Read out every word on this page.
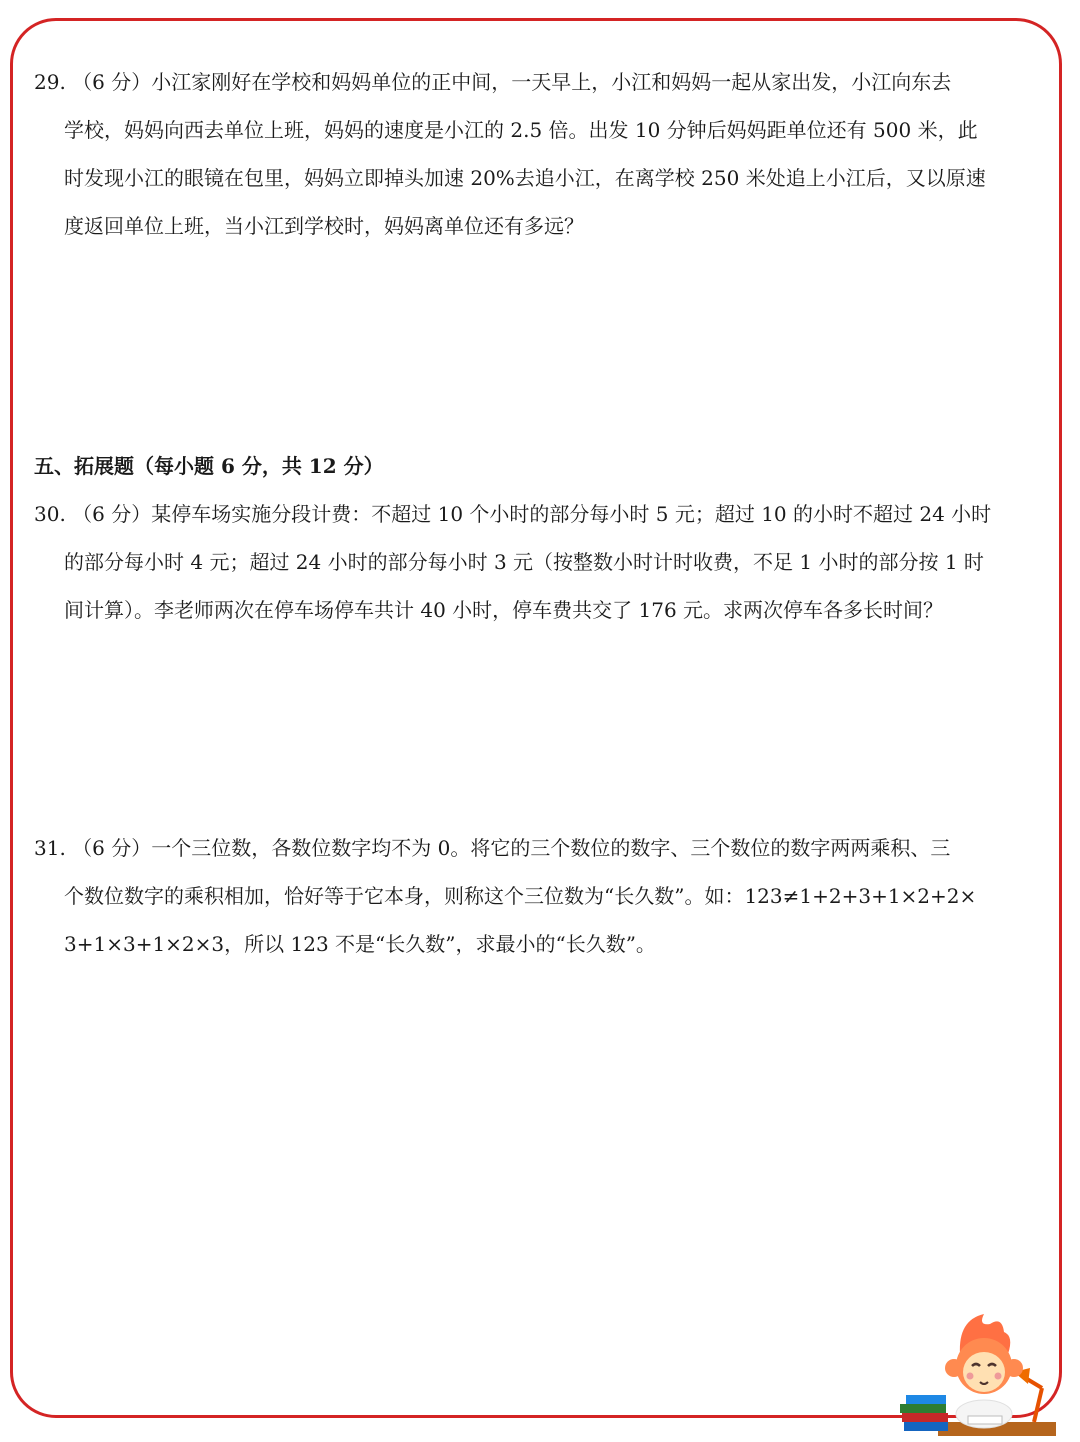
29. （6 分）小江家刚好在学校和妈妈单位的正中间，一天早上，小江和妈妈一起从家出发，小江向东去
学校，妈妈向西去单位上班，妈妈的速度是小江的 2.5 倍。出发 10 分钟后妈妈距单位还有 500 米，此
时发现小江的眼镜在包里，妈妈立即掉头加速 20%去追小江，在离学校 250 米处追上小江后，又以原速
度返回单位上班，当小江到学校时，妈妈离单位还有多远？
五、拓展题（每小题 6 分，共 12 分）
30. （6 分）某停车场实施分段计费：不超过 10 个小时的部分每小时 5 元；超过 10 的小时不超过 24 小时
的部分每小时 4 元；超过 24 小时的部分每小时 3 元（按整数小时计时收费，不足 1 小时的部分按 1 时
间计算）。李老师两次在停车场停车共计 40 小时，停车费共交了 176 元。求两次停车各多长时间？
31. （6 分）一个三位数，各数位数字均不为 0。将它的三个数位的数字、三个数位的数字两两乘积、三
个数位数字的乘积相加，恰好等于它本身，则称这个三位数为“长久数”。如：123≠1+2+3+1×2+2×
3+1×3+1×2×3，所以 123 不是“长久数”，求最小的“长久数”。
